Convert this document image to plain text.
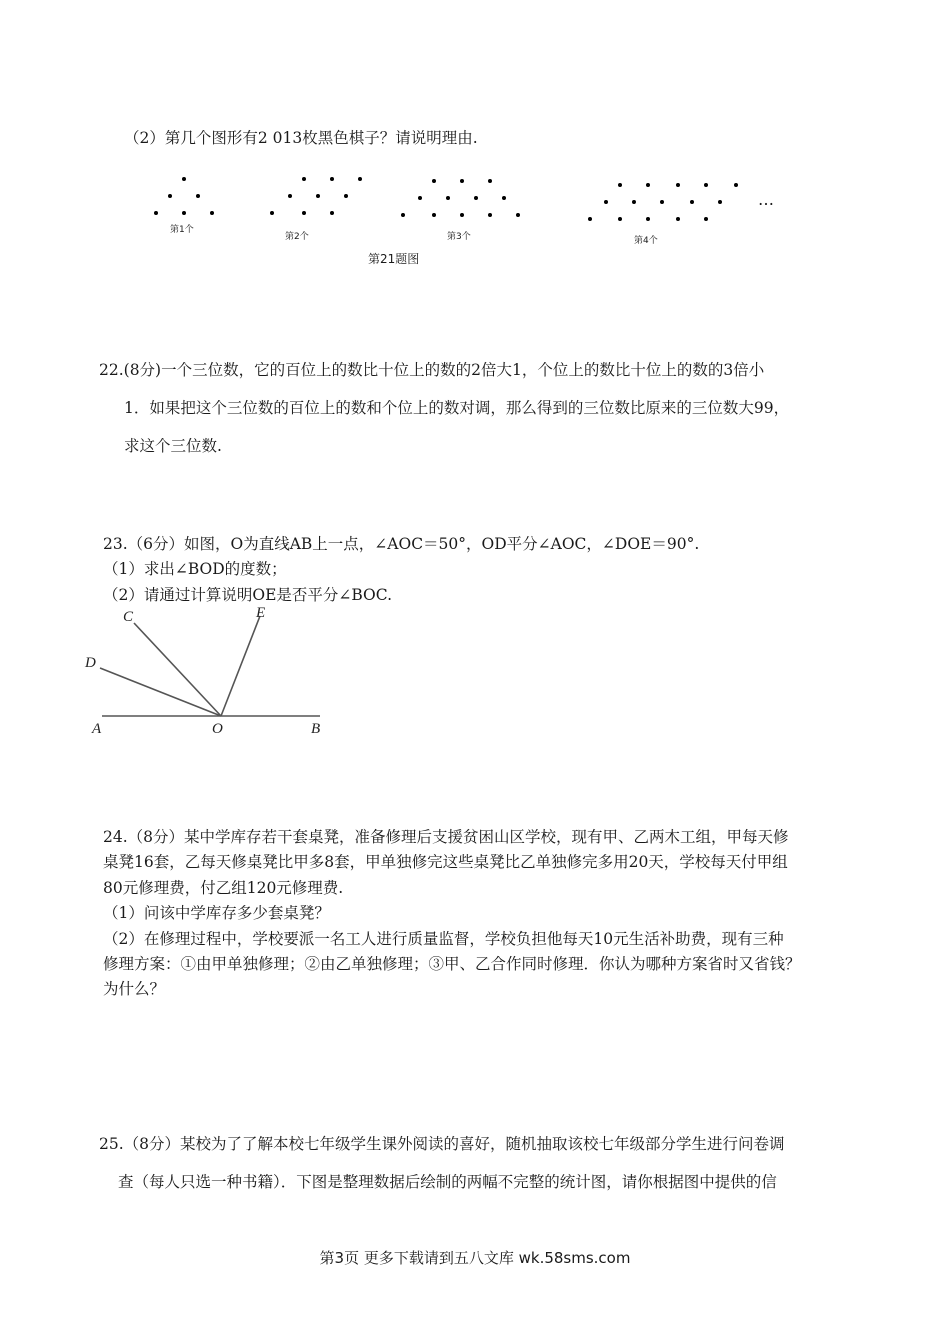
（2）第几个图形有2 013枚黑色棋子？请说明理由.
第1个
第2个	第3个	第4个
…
第21题图
22.(8分)一个三位数，它的百位上的数比十位上的数的2倍大1，个位上的数比十位上的数的3倍小
1．如果把这个三位数的百位上的数和个位上的数对调，那么得到的三位数比原来的三位数大99，
求这个三位数.
23.（6分）如图，O为直线AB上一点，∠AOC＝50°，OD平分∠AOC，∠DOE＝90°.
（1）求出∠BOD的度数；
（2）请通过计算说明OE是否平分∠BOC.
C
D
E
A	O	B
24.（8分）某中学库存若干套桌凳，准备修理后支援贫困山区学校，现有甲、乙两木工组，甲每天修
桌凳16套，乙每天修桌凳比甲多8套，甲单独修完这些桌凳比乙单独修完多用20天，学校每天付甲组
80元修理费，付乙组120元修理费.
（1）问该中学库存多少套桌凳？
（2）在修理过程中，学校要派一名工人进行质量监督，学校负担他每天10元生活补助费，现有三种
修理方案：①由甲单独修理；②由乙单独修理；③甲、乙合作同时修理．你认为哪种方案省时又省钱？
为什么？
25.（8分）某校为了了解本校七年级学生课外阅读的喜好，随机抽取该校七年级部分学生进行问卷调
查（每人只选一种书籍）．下图是整理数据后绘制的两幅不完整的统计图，请你根据图中提供的信
第3页 更多下载请到五八文库 wk.58sms.com
